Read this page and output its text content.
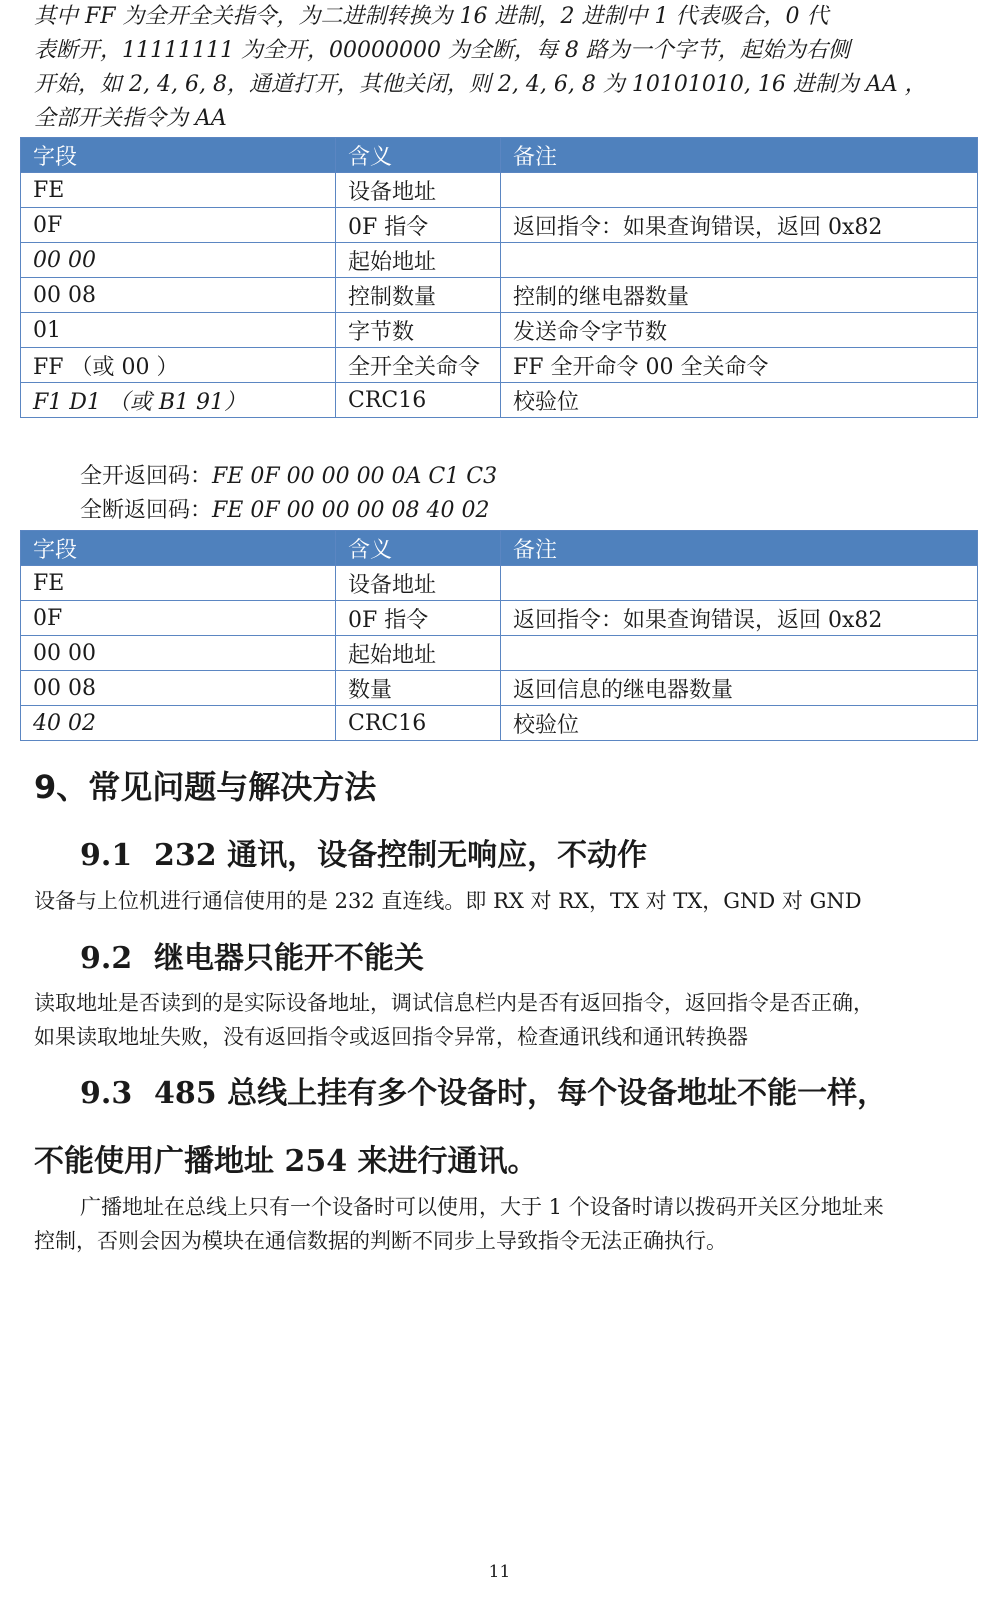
其中 FF 为全开全关指令，为二进制转换为 16 进制，2 进制中 1 代表吸合，0 代
表断开，11111111 为全开，00000000 为全断，每 8 路为一个字节，起始为右侧
开始，如 2, 4, 6, 8，通道打开，其他关闭，则 2, 4, 6, 8 为 10101010, 16 进制为 AA ，
全部开关指令为 AA
字段	含义	备注
FE	设备地址	
0F	0F 指令	返回指令：如果查询错误，返回 0x82
00 00	起始地址	
00 08	控制数量	控制的继电器数量
01	字节数	发送命令字节数
FF （或 00 ）	全开全关命令	FF 全开命令 00 全关命令
F1 D1 （或 B1 91）	CRC16	校验位
全开返回码：FE 0F 00 00 00 0A C1 C3
全断返回码：FE 0F 00 00 00 08 40 02
字段	含义	备注
FE	设备地址	
0F	0F 指令	返回指令：如果查询错误，返回 0x82
00 00	起始地址	
00 08	数量	返回信息的继电器数量
40 02	CRC16	校验位
9、常见问题与解决方法
9.1 232 通讯，设备控制无响应，不动作
设备与上位机进行通信使用的是 232 直连线。即 RX 对 RX，TX 对 TX，GND 对 GND
9.2 继电器只能开不能关
读取地址是否读到的是实际设备地址，调试信息栏内是否有返回指令，返回指令是否正确，
如果读取地址失败，没有返回指令或返回指令异常，检查通讯线和通讯转换器
9.3 485 总线上挂有多个设备时，每个设备地址不能一样，
不能使用广播地址 254 来进行通讯。
广播地址在总线上只有一个设备时可以使用，大于 1 个设备时请以拨码开关区分地址来
控制，否则会因为模块在通信数据的判断不同步上导致指令无法正确执行。
11
